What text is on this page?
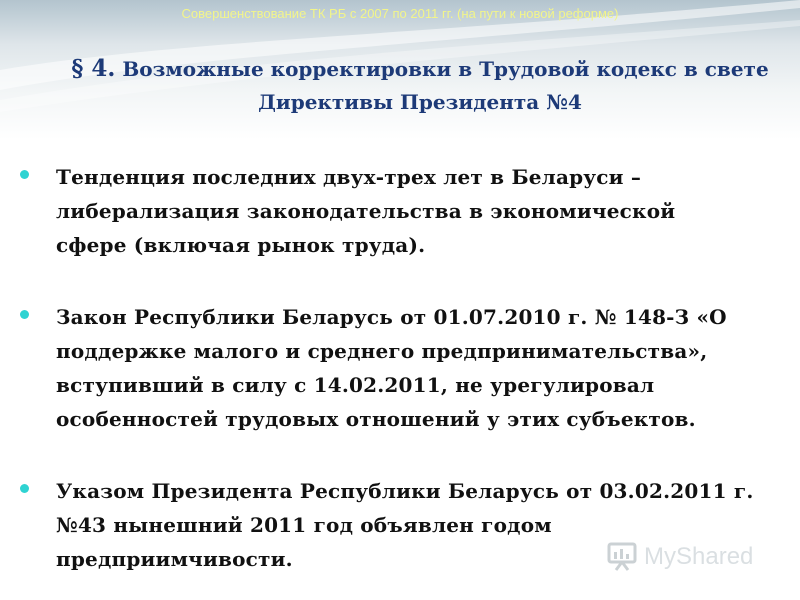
Совершенствование ТК РБ с 2007 по 2011 гг. (на пути к новой реформе)
§ 4. Возможные корректировки в Трудовой кодекс в свете
Директивы Президента №4
Тенденция последних двух-трех лет в Беларуси –
либерализация законодательства в экономической
сфере (включая рынок труда).
Закон Республики Беларусь от 01.07.2010 г. № 148-З «О
поддержке малого и среднего предпринимательства»,
вступивший в силу с 14.02.2011, не урегулировал
особенностей трудовых отношений у этих субъектов.
Указом Президента Республики Беларусь от 03.02.2011 г.
№43 нынешний 2011 год объявлен годом
предприимчивости.	MyShared
